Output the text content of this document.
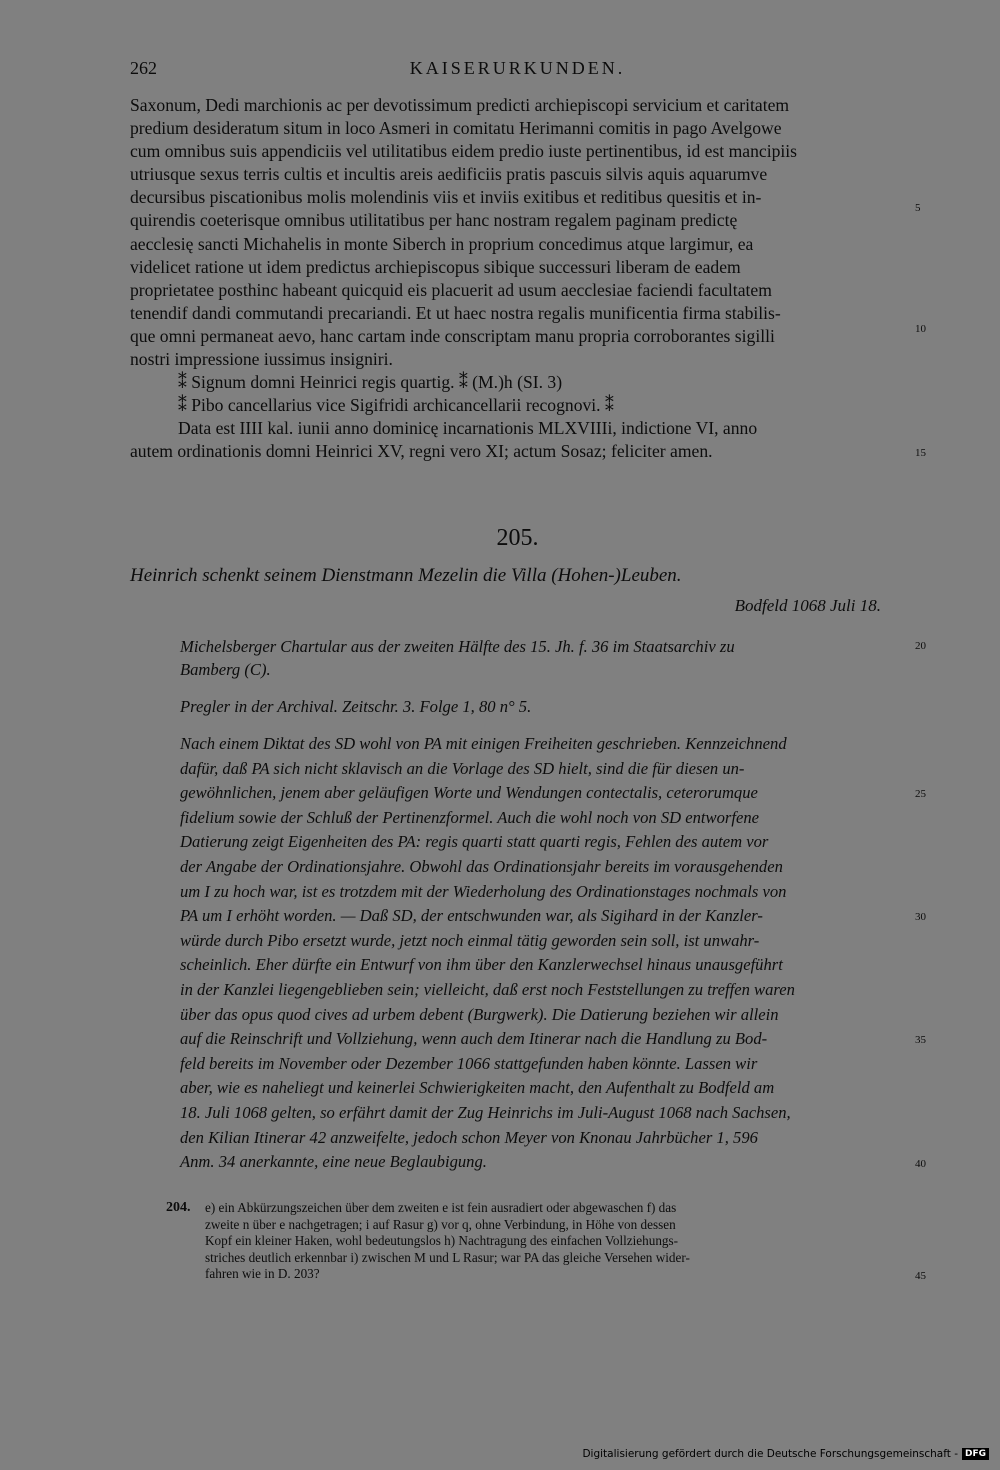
262	KAISERURKUNDEN.
Saxonum, Dedi marchionis ac per devotissimum predicti archiepiscopi servicium et caritatem
predium desideratum situm in loco Asmeri in comitatu Herimanni comitis in pago Avelgowe
cum omnibus suis appendiciis vel utilitatibus eidem predio iuste pertinentibus, id est mancipiis
utriusque sexus terris cultis et incultis areis aedificiis pratis pascuis silvis aquis aquarumve
decursibus piscationibus molis molendinis viis et inviis exitibus et reditibus quesitis et in-
quirendis coeterisque omnibus utilitatibus per hanc nostram regalem paginam predictę
aecclesię sancti Michahelis in monte Siberch in proprium concedimus atque largimur, ea
videlicet ratione ut idem predictus archiepiscopus sibique successuri liberam de eadem
proprietatee posthinc habeant quicquid eis placuerit ad usum aecclesiae faciendi facultatem
tenendif dandi commutandi precariandi. Et ut haec nostra regalis munificentia firma stabilis-
que omni permaneat aevo, hanc cartam inde conscriptam manu propria corroborantes sigilli
nostri impressione iussimus insigniri.
⁑ Signum domni Heinrici regis quartig. ⁑ (M.)h (SI. 3)
⁑ Pibo cancellarius vice Sigifridi archicancellarii recognovi. ⁑
Data est IIII kal. iunii anno dominicę incarnationis MLXVIIIi, indictione VI, anno
autem ordinationis domni Heinrici XV, regni vero XI; actum Sosaz; feliciter amen.
205.
Heinrich schenkt seinem Dienstmann Mezelin die Villa (Hohen-)Leuben.
Bodfeld 1068 Juli 18.
Michelsberger Chartular aus der zweiten Hälfte des 15. Jh. f. 36 im Staatsarchiv zu
Bamberg (C).
Pregler in der Archival. Zeitschr. 3. Folge 1, 80 n° 5.
Nach einem Diktat des SD wohl von PA mit einigen Freiheiten geschrieben. Kennzeichnend
dafür, daß PA sich nicht sklavisch an die Vorlage des SD hielt, sind die für diesen un-
gewöhnlichen, jenem aber geläufigen Worte und Wendungen contectalis, ceterorumque
fidelium sowie der Schluß der Pertinenzformel. Auch die wohl noch von SD entworfene
Datierung zeigt Eigenheiten des PA: regis quarti statt quarti regis, Fehlen des autem vor
der Angabe der Ordinationsjahre. Obwohl das Ordinationsjahr bereits im vorausgehenden
um I zu hoch war, ist es trotzdem mit der Wiederholung des Ordinationstages nochmals von
PA um I erhöht worden. — Daß SD, der entschwunden war, als Sigihard in der Kanzler-
würde durch Pibo ersetzt wurde, jetzt noch einmal tätig geworden sein soll, ist unwahr-
scheinlich. Eher dürfte ein Entwurf von ihm über den Kanzlerwechsel hinaus unausgeführt
in der Kanzlei liegengeblieben sein; vielleicht, daß erst noch Feststellungen zu treffen waren
über das opus quod cives ad urbem debent (Burgwerk). Die Datierung beziehen wir allein
auf die Reinschrift und Vollziehung, wenn auch dem Itinerar nach die Handlung zu Bod-
feld bereits im November oder Dezember 1066 stattgefunden haben könnte. Lassen wir
aber, wie es naheliegt und keinerlei Schwierigkeiten macht, den Aufenthalt zu Bodfeld am
18. Juli 1068 gelten, so erfährt damit der Zug Heinrichs im Juli-August 1068 nach Sachsen,
den Kilian Itinerar 42 anzweifelte, jedoch schon Meyer von Knonau Jahrbücher 1, 596
Anm. 34 anerkannte, eine neue Beglaubigung.
204. e) ein Abkürzungszeichen über dem zweiten e ist fein ausradiert oder abgewaschen f) das
zweite n über e nachgetragen; i auf Rasur g) vor q, ohne Verbindung, in Höhe von dessen
Kopf ein kleiner Haken, wohl bedeutungslos h) Nachtragung des einfachen Vollziehungs-
striches deutlich erkennbar i) zwischen M und L Rasur; war PA das gleiche Versehen wider-
fahren wie in D. 203?
5
10
15
20
25
30
35
40
45
Digitalisierung gefördert durch die Deutsche Forschungsgemeinschaft - DFG
